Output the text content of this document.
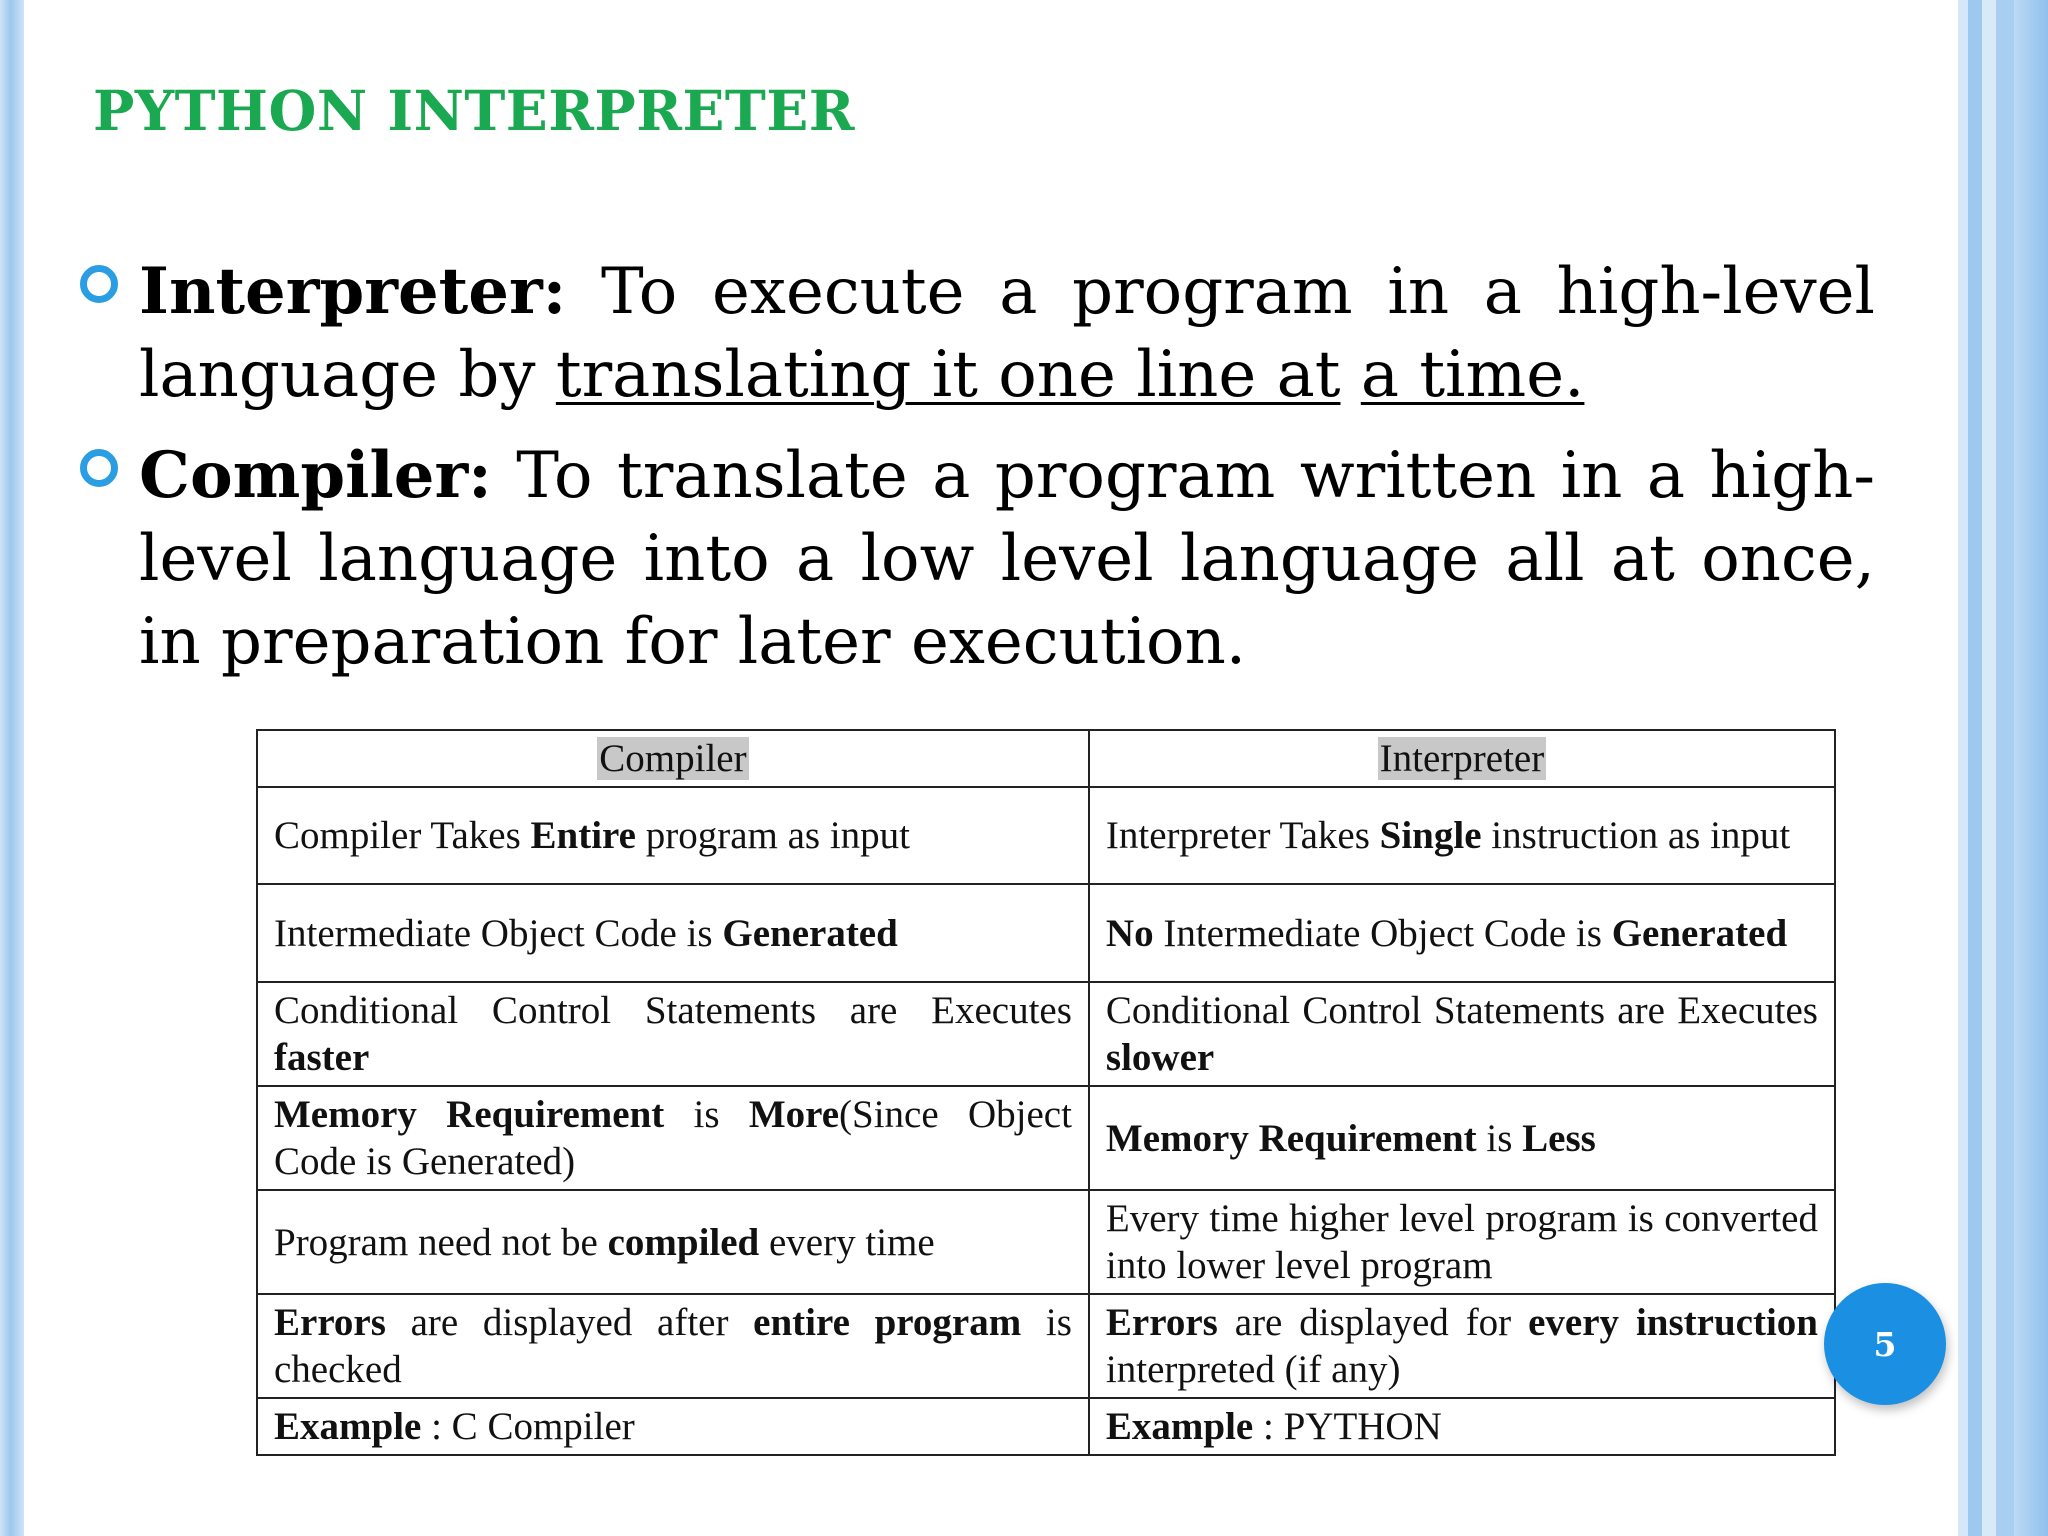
PYTHON INTERPRETER
Interpreter: To execute a program in a high-level language by translating it one line at a time.
Compiler: To translate a program written in a high-level language into a low level language all at once, in preparation for later execution.
Compiler	Interpreter
Compiler Takes Entire program as input	Interpreter Takes Single instruction as input
Intermediate Object Code is Generated	No Intermediate Object Code is Generated
Conditional Control Statements are Executes faster	Conditional Control Statements are Executes slower
Memory Requirement is More(Since Object Code is Generated)	Memory Requirement is Less
Program need not be compiled every time	Every time higher level program is converted into lower level program
Errors are displayed after entire program is checked	Errors are displayed for every instruction interpreted (if any)
Example : C Compiler	Example : PYTHON
5
